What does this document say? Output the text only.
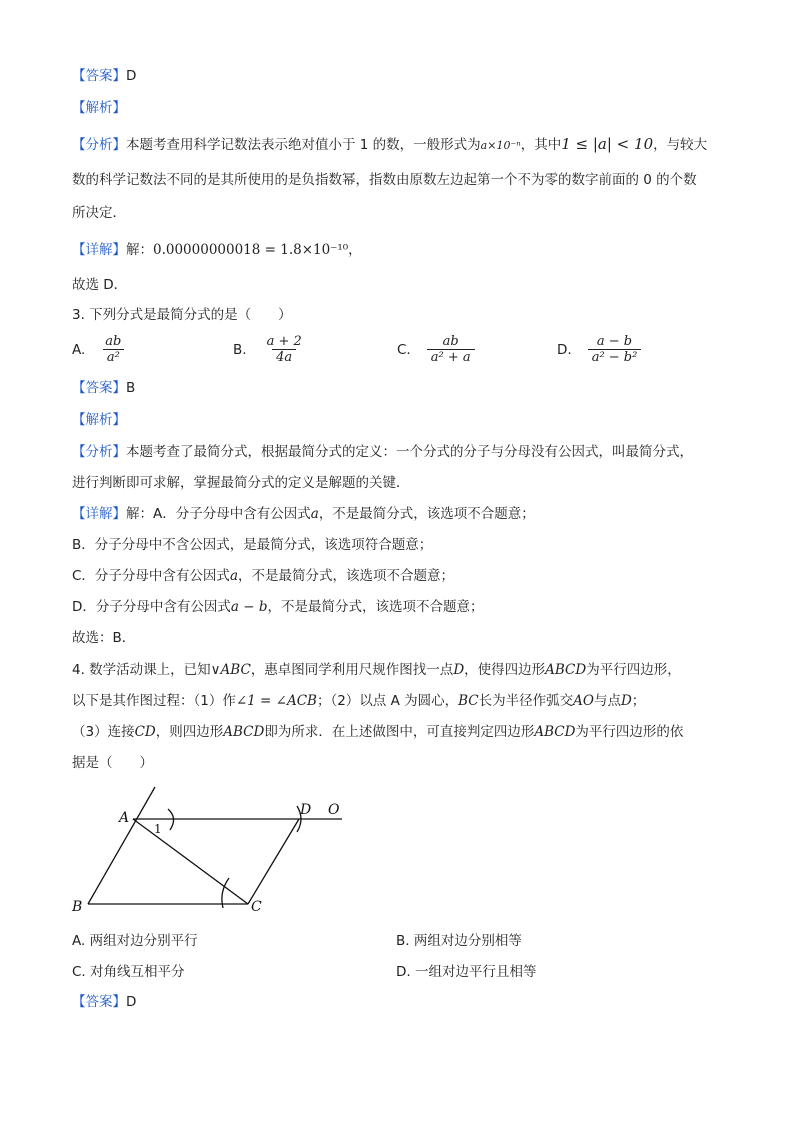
【答案】D
【解析】
【分析】本题考查用科学记数法表示绝对值小于 1 的数，一般形式为a×10⁻ⁿ，其中1 ≤ |a| < 10，与较大
数的科学记数法不同的是其所使用的是负指数幂，指数由原数左边起第一个不为零的数字前面的 0 的个数
所决定．
【详解】解：0.00000000018 = 1.8×10⁻¹⁰，
故选 D．
3. 下列分式是最简分式的是（　　）
A. $\frac{ab}{\text{a²}}$	B. $\frac{a + 2}{4a}$	C. $\frac{ab}{\text{a² + a}}$	D. $\frac{a - b}{\text{a² − b²}}$
【答案】B
【解析】
【分析】本题考查了最简分式，根据最简分式的定义：一个分式的分子与分母没有公因式，叫最简分式，
进行判断即可求解，掌握最简分式的定义是解题的关键．
【详解】解：A．分子分母中含有公因式a，不是最简分式，该选项不合题意；
B．分子分母中不含公因式，是最简分式，该选项符合题意；
C．分子分母中含有公因式a，不是最简分式，该选项不合题意；
D．分子分母中含有公因式a − b，不是最简分式，该选项不合题意；
故选：B．
4. 数学活动课上，已知∨ABC，惠卓图同学利用尺规作图找一点D，使得四边形ABCD为平行四边形，
以下是其作图过程：（1）作∠1 = ∠ACB；（2）以点 A 为圆心，BC长为半径作弧交AO与点D；
（3）连接CD，则四边形ABCD即为所求．在上述做图中，可直接判定四边形ABCD为平行四边形的依
据是（　　）
A
1
D O
B	C
A. 两组对边分别平行	B. 两组对边分别相等
C. 对角线互相平分	D. 一组对边平行且相等
【答案】D
